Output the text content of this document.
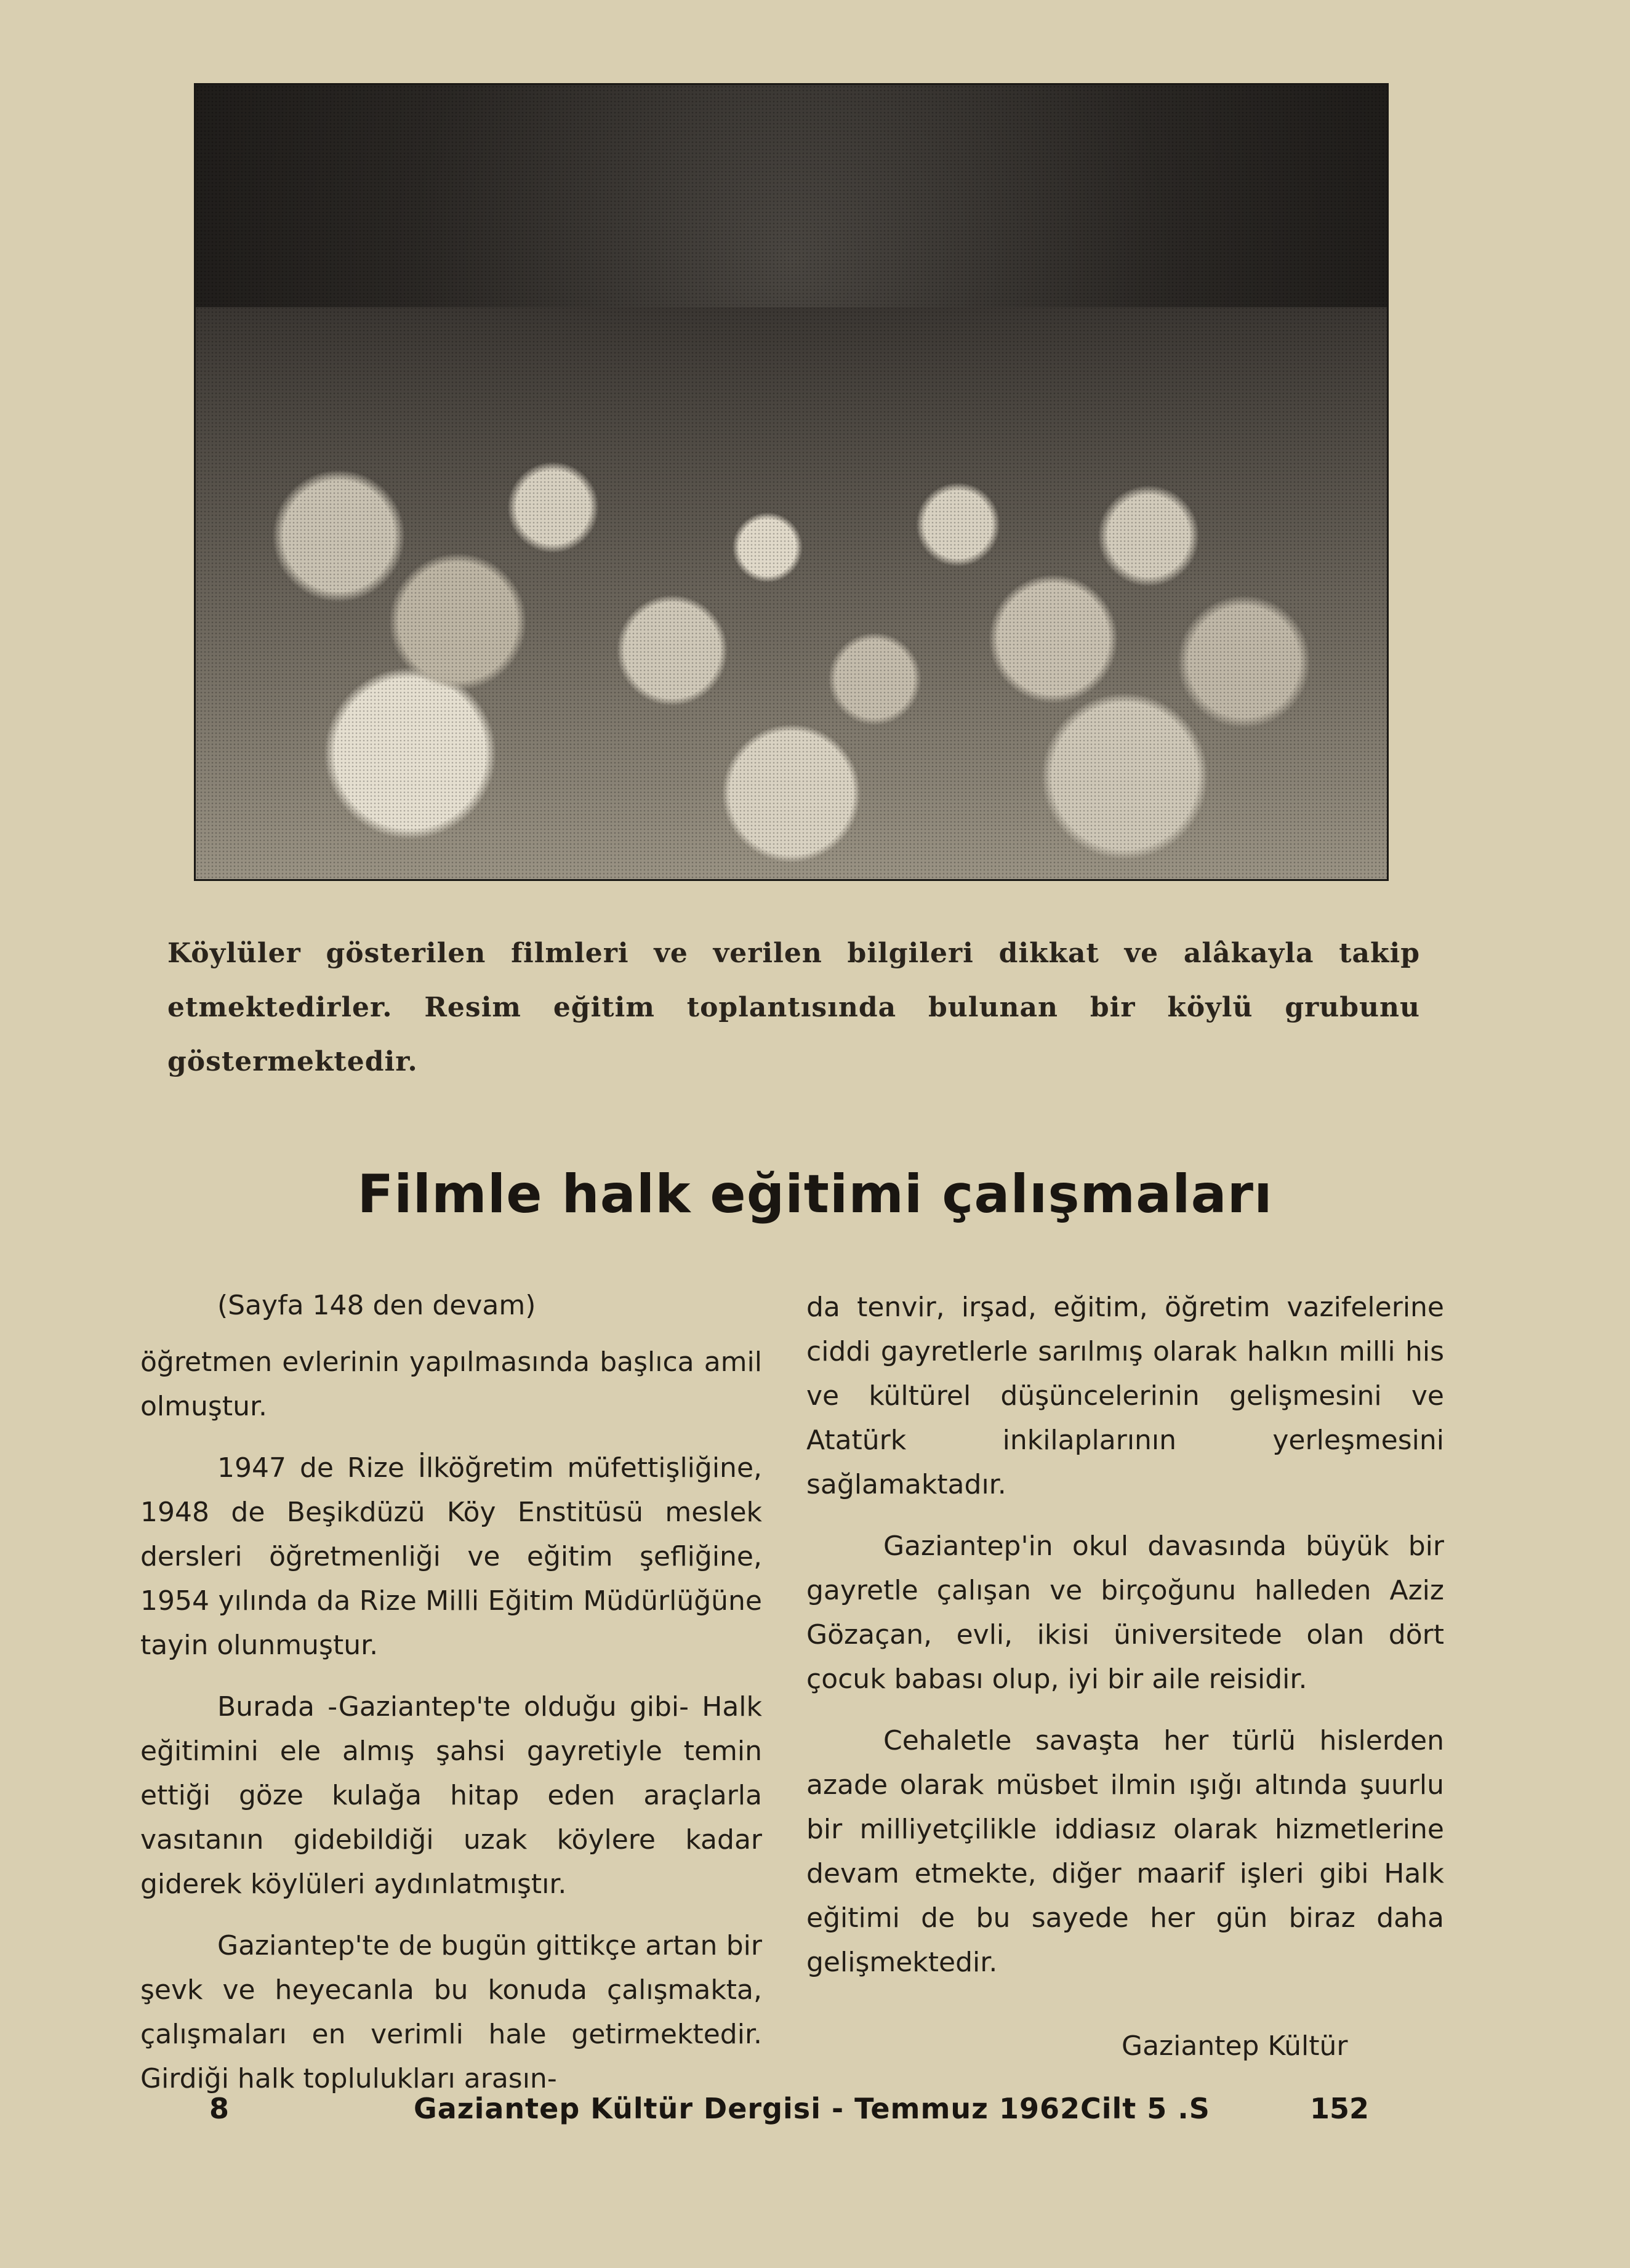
Köylüler gösterilen filmleri ve verilen bilgileri dikkat ve alâkayla takip etmektedirler. Resim eğitim toplantısında bulunan bir köylü grubunu göstermektedir.
Filmle halk eğitimi çalışmaları

(Sayfa 148 den devam)

öğretmen evlerinin yapılmasında başlıca amil olmuştur.

1947 de Rize İlköğretim müfettişliğine, 1948 de Beşikdüzü Köy Enstitüsü meslek dersleri öğretmenliği ve eğitim şefliğine, 1954 yılında da Rize Milli Eğitim Müdürlüğüne tayin olunmuştur.

Burada -Gaziantep'te olduğu gibi- Halk eğitimini ele almış şahsi gayretiyle temin ettiği göze kulağa hitap eden araçlarla vasıtanın gidebildiği uzak köylere kadar giderek köylüleri aydınlatmıştır.

Gaziantep'te de bugün gittikçe artan bir şevk ve heyecanla bu konuda çalışmakta, çalışmaları en verimli hale getirmektedir. Girdiği halk toplulukları arasın-

da tenvir, irşad, eğitim, öğretim vazifelerine ciddi gayretlerle sarılmış olarak halkın milli his ve kültürel düşüncelerinin gelişmesini ve Atatürk inkilaplarının yerleşmesini sağlamaktadır.

Gaziantep'in okul davasında büyük bir gayretle çalışan ve birçoğunu halleden Aziz Gözaçan, evli, ikisi üniversitede olan dört çocuk babası olup, iyi bir aile reisidir.

Cehaletle savaşta her türlü hislerden azade olarak müsbet ilmin ışığı altında şuurlu bir milliyetçilikle iddiasız olarak hizmetlerine devam etmekte, diğer maarif işleri gibi Halk eğitimi de bu sayede her gün biraz daha gelişmektedir.

Gaziantep Kültür
8	Gaziantep Kültür Dergisi - Temmuz 1962Cilt 5 .S	152
